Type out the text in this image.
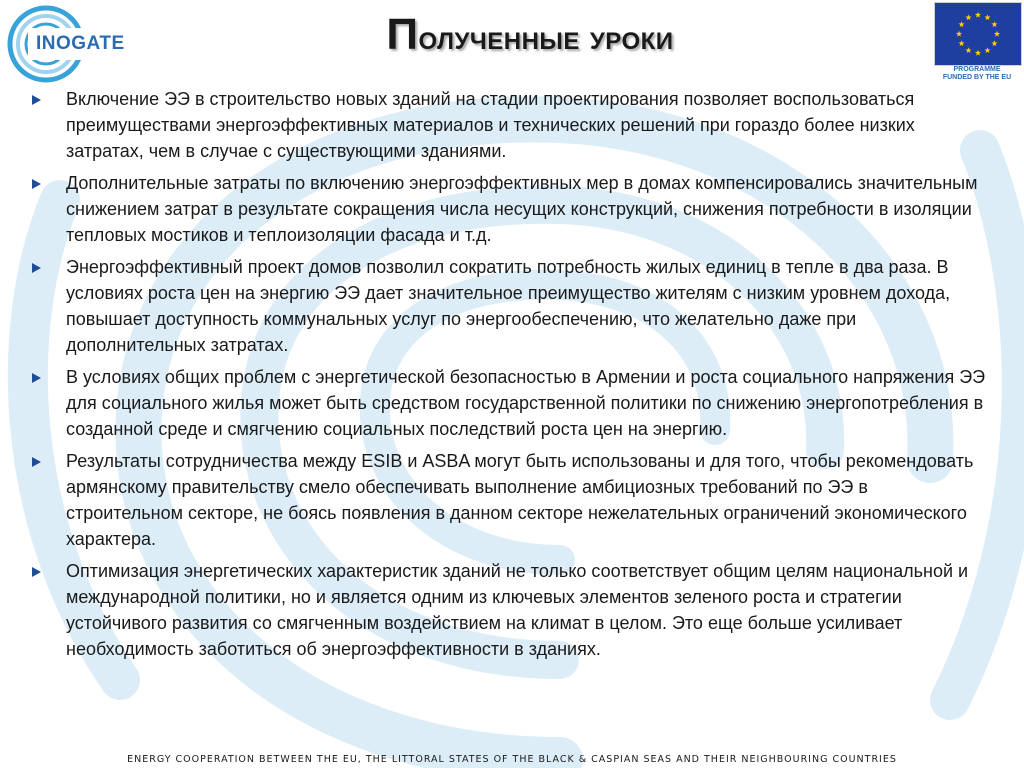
INOGATE	Полученные уроки
PROGRAMME
FUNDED BY THE EU
Включение ЭЭ в строительство новых зданий на стадии проектирования позволяет воспользоваться преимуществами энергоэффективных материалов и технических решений при гораздо более низких затратах, чем в случае с существующими зданиями.
Дополнительные затраты по включению энергоэффективных мер в домах компенсировались значительным снижением затрат в результате сокращения числа несущих конструкций, снижения потребности в изоляции тепловых мостиков и теплоизоляции фасада и т.д.
Энергоэффективный проект домов позволил сократить потребность жилых единиц в тепле в два раза. В условиях роста цен на энергию ЭЭ дает значительное преимущество жителям с низким уровнем дохода, повышает доступность коммунальных услуг по энергообеспечению, что желательно даже при дополнительных затратах.
В условиях общих проблем с энергетической безопасностью в Армении и роста социального напряжения ЭЭ для социального жилья может быть средством государственной политики по снижению энергопотребления в созданной среде и смягчению социальных последствий роста цен на энергию.
Результаты сотрудничества между ESIB и ASBA могут быть использованы и для того, чтобы рекомендовать армянскому правительству смело обеспечивать выполнение амбициозных требований по ЭЭ в строительном секторе, не боясь появления в данном секторе нежелательных ограничений экономического характера.
Оптимизация энергетических характеристик зданий не только соответствует общим целям национальной и международной политики, но и является одним из ключевых элементов зеленого роста и стратегии устойчивого развития со смягченным воздействием на климат в целом. Это еще больше усиливает необходимость заботиться об энергоэффективности в зданиях.
ENERGY COOPERATION BETWEEN THE EU, THE LITTORAL STATES OF THE BLACK & CASPIAN SEAS AND THEIR NEIGHBOURING COUNTRIES
